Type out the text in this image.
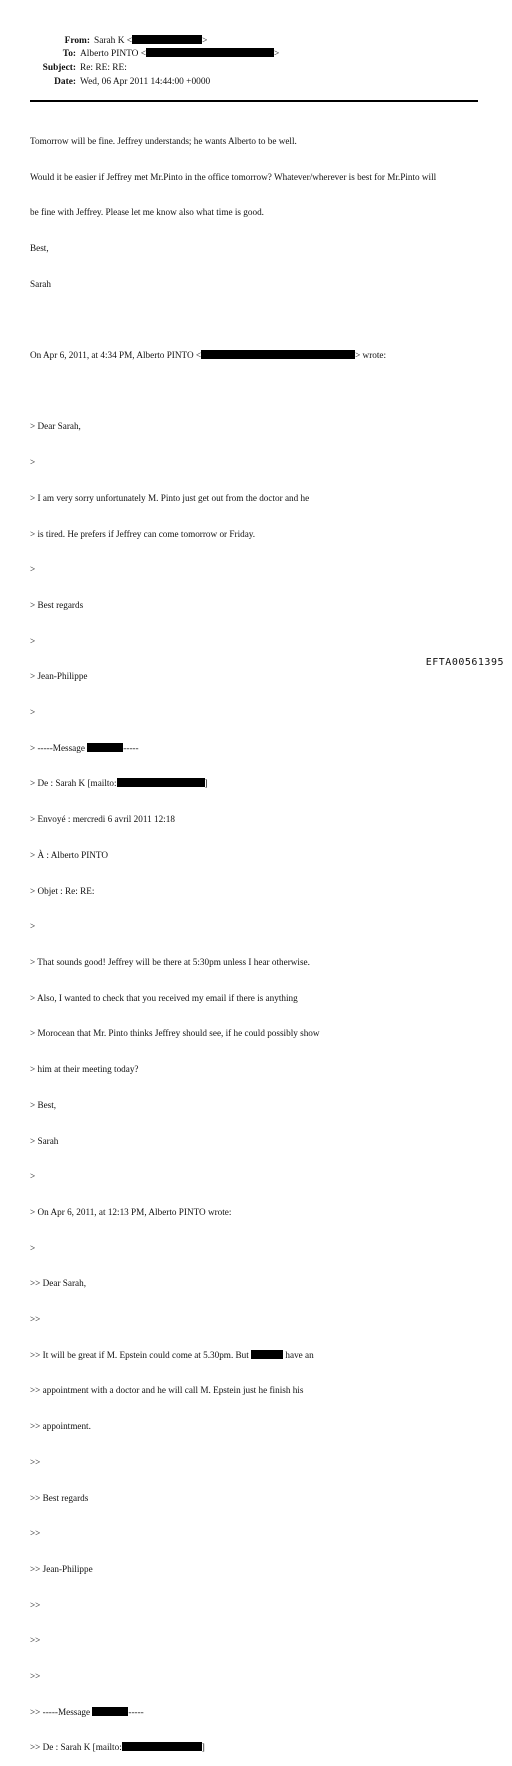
From: Sarah K <	>
To: Alberto PINTO <	>
Subject: Re: RE: RE:
Date: Wed, 06 Apr 2011 14:44:00 +0000

Tomorrow will be fine. Jeffrey understands; he wants Alberto to be well.

Would it be easier if Jeffrey met Mr.Pinto in the office tomorrow? Whatever/wherever is best for Mr.Pinto will

be fine with Jeffrey. Please let me know also what time is good.

Best,

Sarah

On Apr 6, 2011, at 4:34 PM, Alberto PINTO <	> wrote:

> Dear Sarah,

>

> I am very sorry unfortunately M. Pinto just get out from the doctor and he

> is tired. He prefers if Jeffrey can come tomorrow or Friday.

>

> Best regards

>

> Jean-Philippe

>

> -----Message	-----

> De : Sarah K [mailto:	]

> Envoyé : mercredi 6 avril 2011 12:18

> À : Alberto PINTO

> Objet : Re: RE:

>

> That sounds good! Jeffrey will be there at 5:30pm unless I hear otherwise.

> Also, I wanted to check that you received my email if there is anything

> Morocean that Mr. Pinto thinks Jeffrey should see, if he could possibly show

> him at their meeting today?

> Best,

> Sarah

>

> On Apr 6, 2011, at 12:13 PM, Alberto PINTO wrote:

>

>> Dear Sarah,

>>

>> It will be great if M. Epstein could come at 5.30pm. But	have an

>> appointment with a doctor and he will call M. Epstein just he finish his

>> appointment.

>>

>> Best regards

>>

>> Jean-Philippe

>>

>>

>>

>> -----Message	-----

>> De : Sarah K [mailto:	]

EFTA00561395
